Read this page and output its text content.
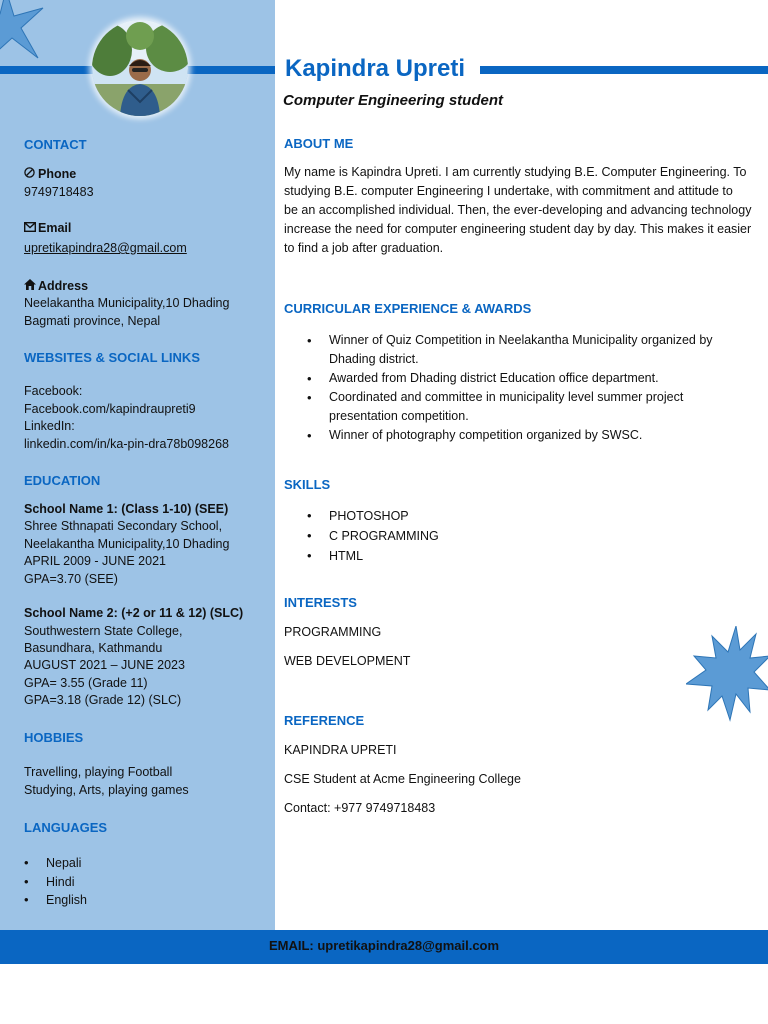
Kapindra Upreti
Computer Engineering student
CONTACT
Phone
9749718483
Email
upretikapindra28@gmail.com
Address
Neelakantha Municipality,10 Dhading
Bagmati province, Nepal
WEBSITES & SOCIAL LINKS
Facebook:
Facebook.com/kapindraupreti9
LinkedIn:
linkedin.com/in/ka-pin-dra78b098268
EDUCATION
School Name 1: (Class 1-10) (SEE)
Shree Sthnapati Secondary School,
Neelakantha Municipality,10 Dhading
APRIL 2009 - JUNE 2021
GPA=3.70 (SEE)
School Name 2: (+2 or 11 & 12) (SLC)
Southwestern State College,
Basundhara, Kathmandu
AUGUST 2021 – JUNE 2023
GPA= 3.55 (Grade 11)
GPA=3.18 (Grade 12) (SLC)
HOBBIES
Travelling, playing Football
Studying, Arts, playing games
LANGUAGES
• Nepali
• Hindi
• English
ABOUT ME
My name is Kapindra Upreti. I am currently studying B.E. Computer Engineering. To
studying B.E. computer Engineering I undertake, with commitment and attitude to
be an accomplished individual. Then, the ever-developing and advancing technology
increase the need for computer engineering student day by day. This makes it easier
to find a job after graduation.
CURRICULAR EXPERIENCE & AWARDS
• Winner of Quiz Competition in Neelakantha Municipality organized by
Dhading district.
• Awarded from Dhading district Education office department.
• Coordinated and committee in municipality level summer project
presentation competition.
• Winner of photography competition organized by SWSC.
SKILLS
• PHOTOSHOP
• C PROGRAMMING
• HTML
INTERESTS
PROGRAMMING
WEB DEVELOPMENT
REFERENCE
KAPINDRA UPRETI
CSE Student at Acme Engineering College
Contact: +977 9749718483
EMAIL: upretikapindra28@gmail.com
